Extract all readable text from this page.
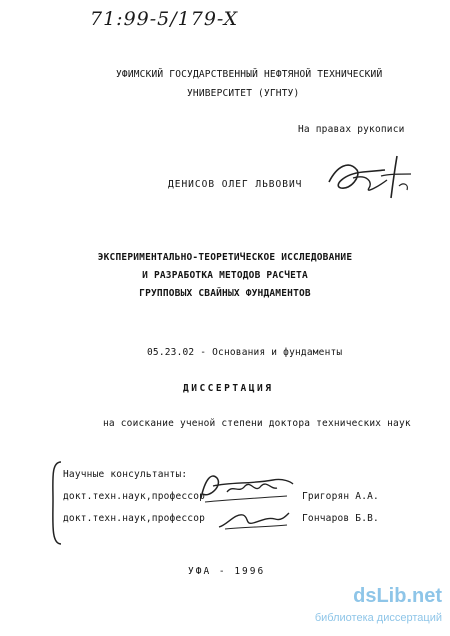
71:99-5/179-X
УФИМСКИЙ ГОСУДАРСТВЕННЫЙ НЕФТЯНОЙ ТЕХНИЧЕСКИЙ
УНИВЕРСИТЕТ (УГНТУ)
На правах рукописи
ДЕНИСОВ ОЛЕГ ЛЬВОВИЧ
ЭКСПЕРИМЕНТАЛЬНО-ТЕОРЕТИЧЕСКОЕ ИССЛЕДОВАНИЕ
И РАЗРАБОТКА МЕТОДОВ РАСЧЕТА
ГРУППОВЫХ СВАЙНЫХ ФУНДАМЕНТОВ
05.23.02 - Основания и фундаменты
ДИССЕРТАЦИЯ
на соискание ученой степени доктора технических наук
Научные консультанты:
докт.техн.наук,профессор	Григорян А.А.
докт.техн.наук,профессор	Гончаров Б.В.
УФА - 1996
dsLib.net
библиотека диссертаций
